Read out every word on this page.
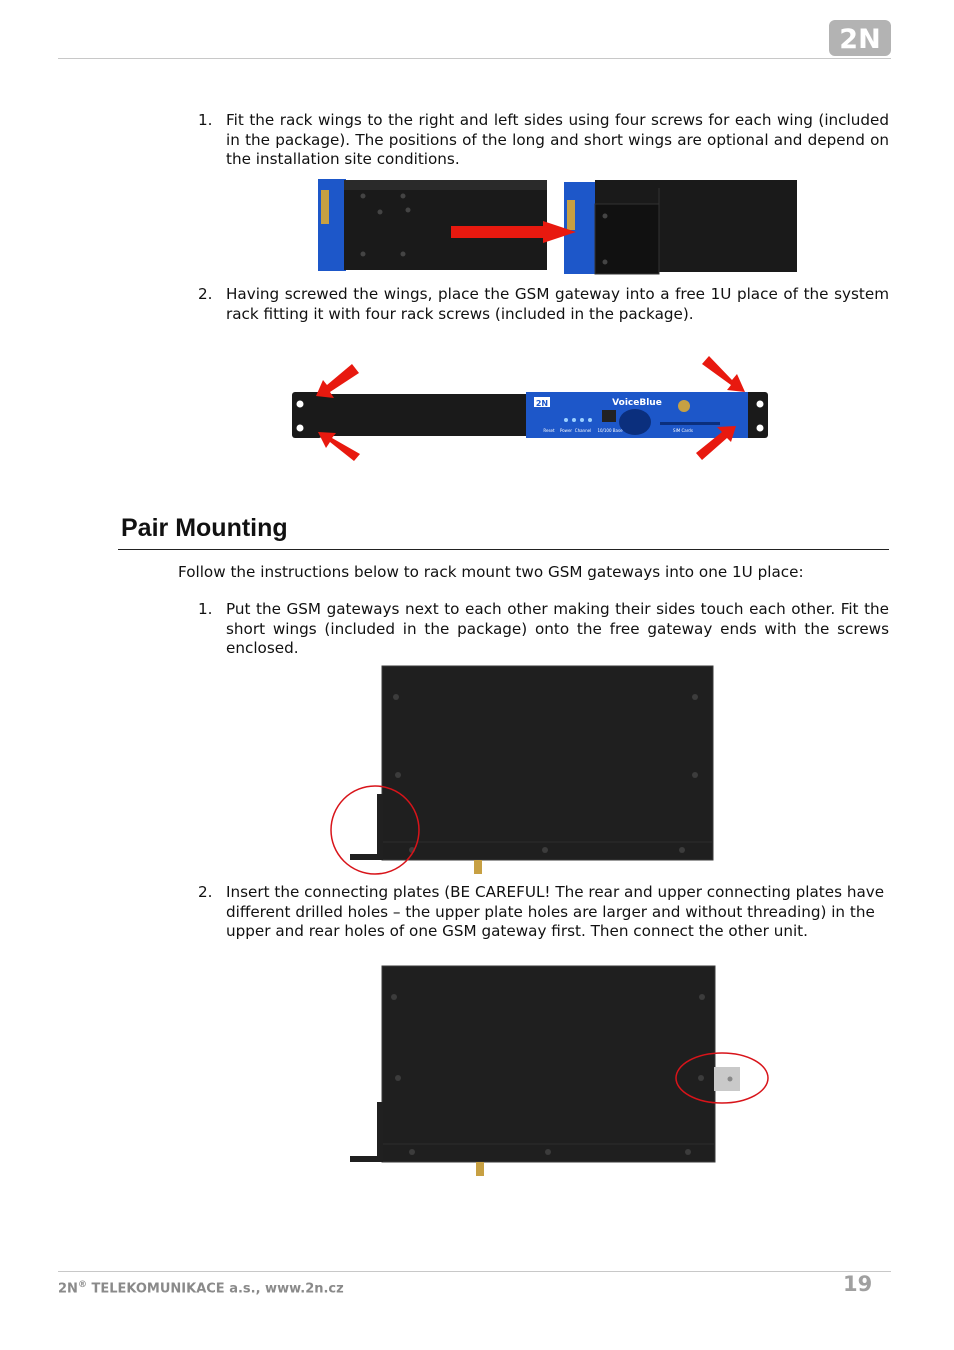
2N
1. Fit the rack wings to the right and left sides using four screws for each wing (included in the package). The positions of the long and short wings are optional and depend on the installation site conditions.
2. Having screwed the wings, place the GSM gateway into a free 1U place of the system rack fitting it with four rack screws (included in the package).
2N	VoiceBlue
Reset Power Channel 10/100 Base	SIM Cards
Pair Mounting
Follow the instructions below to rack mount two GSM gateways into one 1U place:
1. Put the GSM gateways next to each other making their sides touch each other. Fit the short wings (included in the package) onto the free gateway ends with the screws enclosed.
2. Insert the connecting plates (BE CAREFUL! The rear and upper connecting plates have different drilled holes – the upper plate holes are larger and without threading) in the upper and rear holes of one GSM gateway first. Then connect the other unit.
2N® TELEKOMUNIKACE a.s., www.2n.cz	19
